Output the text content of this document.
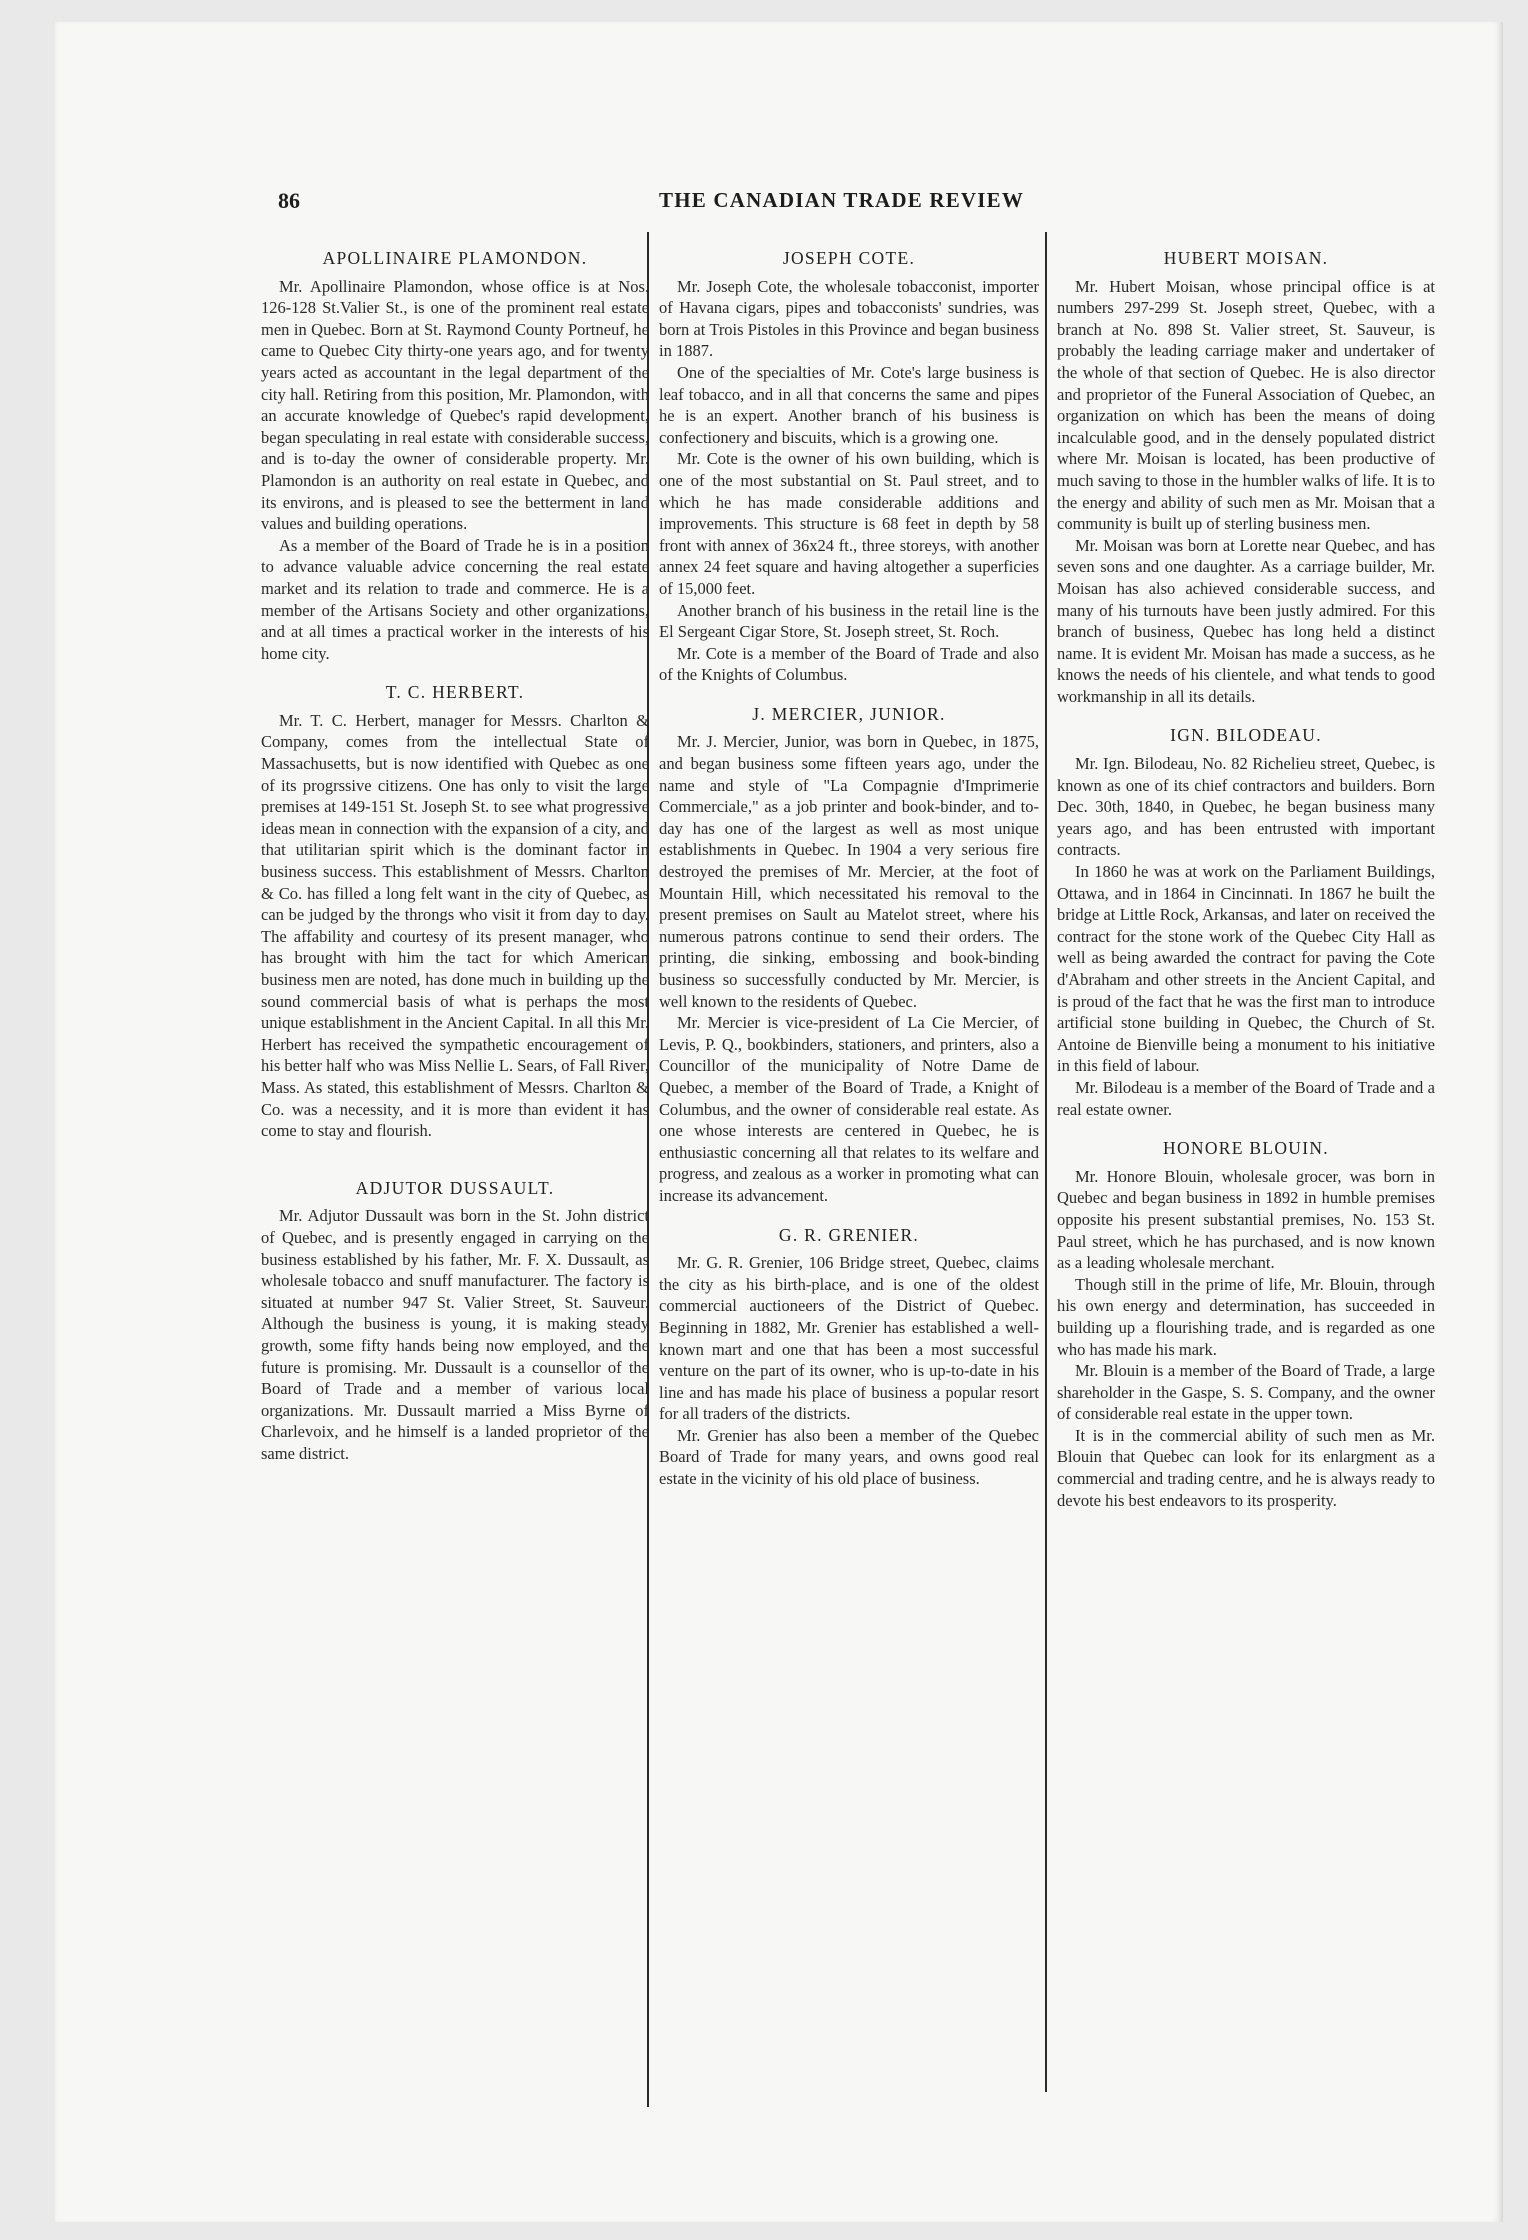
86	THE CANADIAN TRADE REVIEW

APOLLINAIRE PLAMONDON.

Mr. Apollinaire Plamondon, whose office is at Nos. 126-128 St.Valier St., is one of the prominent real estate men in Quebec. Born at St. Raymond County Portneuf, he came to Quebec City thirty-one years ago, and for twenty years acted as accountant in the legal department of the city hall. Retiring from this position, Mr. Plamondon, with an accurate knowledge of Quebec's rapid development, began speculating in real estate with considerable success, and is to-day the owner of considerable property. Mr. Plamondon is an authority on real estate in Quebec, and its environs, and is pleased to see the betterment in land values and building operations.

As a member of the Board of Trade he is in a position to advance valuable advice concerning the real estate market and its relation to trade and commerce. He is a member of the Artisans Society and other organizations, and at all times a practical worker in the interests of his home city.

T. C. HERBERT.

Mr. T. C. Herbert, manager for Messrs. Charlton & Company, comes from the intellectual State of Massachusetts, but is now identified with Quebec as one of its progrssive citizens. One has only to visit the large premises at 149-151 St. Joseph St. to see what progressive ideas mean in connection with the expansion of a city, and that utilitarian spirit which is the dominant factor in business success. This establishment of Messrs. Charlton & Co. has filled a long felt want in the city of Quebec, as can be judged by the throngs who visit it from day to day. The affability and courtesy of its present manager, who has brought with him the tact for which American business men are noted, has done much in building up the sound commercial basis of what is perhaps the most unique establishment in the Ancient Capital. In all this Mr. Herbert has received the sympathetic encouragement of his better half who was Miss Nellie L. Sears, of Fall River, Mass. As stated, this establishment of Messrs. Charlton & Co. was a necessity, and it is more than evident it has come to stay and flourish.

ADJUTOR DUSSAULT.

Mr. Adjutor Dussault was born in the St. John district of Quebec, and is presently engaged in carrying on the business established by his father, Mr. F. X. Dussault, as wholesale tobacco and snuff manufacturer. The factory is situated at number 947 St. Valier Street, St. Sauveur. Although the business is young, it is making steady growth, some fifty hands being now employed, and the future is promising. Mr. Dussault is a counsellor of the Board of Trade and a member of various local organizations. Mr. Dussault married a Miss Byrne of Charlevoix, and he himself is a landed proprietor of the same district.

JOSEPH COTE.

Mr. Joseph Cote, the wholesale tobacconist, importer of Havana cigars, pipes and tobacconists' sundries, was born at Trois Pistoles in this Province and began business in 1887.

One of the specialties of Mr. Cote's large business is leaf tobacco, and in all that concerns the same and pipes he is an expert. Another branch of his business is confectionery and biscuits, which is a growing one.

Mr. Cote is the owner of his own building, which is one of the most substantial on St. Paul street, and to which he has made considerable additions and improvements. This structure is 68 feet in depth by 58 front with annex of 36x24 ft., three storeys, with another annex 24 feet square and having altogether a superficies of 15,000 feet.

Another branch of his business in the retail line is the El Sergeant Cigar Store, St. Joseph street, St. Roch.

Mr. Cote is a member of the Board of Trade and also of the Knights of Columbus.

J. MERCIER, JUNIOR.

Mr. J. Mercier, Junior, was born in Quebec, in 1875, and began business some fifteen years ago, under the name and style of "La Compagnie d'Imprimerie Commerciale," as a job printer and book-binder, and to-day has one of the largest as well as most unique establishments in Quebec. In 1904 a very serious fire destroyed the premises of Mr. Mercier, at the foot of Mountain Hill, which necessitated his removal to the present premises on Sault au Matelot street, where his numerous patrons continue to send their orders. The printing, die sinking, embossing and book-binding business so successfully conducted by Mr. Mercier, is well known to the residents of Quebec.

Mr. Mercier is vice-president of La Cie Mercier, of Levis, P. Q., bookbinders, stationers, and printers, also a Councillor of the municipality of Notre Dame de Quebec, a member of the Board of Trade, a Knight of Columbus, and the owner of considerable real estate. As one whose interests are centered in Quebec, he is enthusiastic concerning all that relates to its welfare and progress, and zealous as a worker in promoting what can increase its advancement.

G. R. GRENIER.

Mr. G. R. Grenier, 106 Bridge street, Quebec, claims the city as his birth-place, and is one of the oldest commercial auctioneers of the District of Quebec. Beginning in 1882, Mr. Grenier has established a well-known mart and one that has been a most successful venture on the part of its owner, who is up-to-date in his line and has made his place of business a popular resort for all traders of the districts.

Mr. Grenier has also been a member of the Quebec Board of Trade for many years, and owns good real estate in the vicinity of his old place of business.

HUBERT MOISAN.

Mr. Hubert Moisan, whose principal office is at numbers 297-299 St. Joseph street, Quebec, with a branch at No. 898 St. Valier street, St. Sauveur, is probably the leading carriage maker and undertaker of the whole of that section of Quebec. He is also director and proprietor of the Funeral Association of Quebec, an organization on which has been the means of doing incalculable good, and in the densely populated district where Mr. Moisan is located, has been productive of much saving to those in the humbler walks of life. It is to the energy and ability of such men as Mr. Moisan that a community is built up of sterling business men.

Mr. Moisan was born at Lorette near Quebec, and has seven sons and one daughter. As a carriage builder, Mr. Moisan has also achieved considerable success, and many of his turnouts have been justly admired. For this branch of business, Quebec has long held a distinct name. It is evident Mr. Moisan has made a success, as he knows the needs of his clientele, and what tends to good workmanship in all its details.

IGN. BILODEAU.

Mr. Ign. Bilodeau, No. 82 Richelieu street, Quebec, is known as one of its chief contractors and builders. Born Dec. 30th, 1840, in Quebec, he began business many years ago, and has been entrusted with important contracts.

In 1860 he was at work on the Parliament Buildings, Ottawa, and in 1864 in Cincinnati. In 1867 he built the bridge at Little Rock, Arkansas, and later on received the contract for the stone work of the Quebec City Hall as well as being awarded the contract for paving the Cote d'Abraham and other streets in the Ancient Capital, and is proud of the fact that he was the first man to introduce artificial stone building in Quebec, the Church of St. Antoine de Bienville being a monument to his initiative in this field of labour.

Mr. Bilodeau is a member of the Board of Trade and a real estate owner.

HONORE BLOUIN.

Mr. Honore Blouin, wholesale grocer, was born in Quebec and began business in 1892 in humble premises opposite his present substantial premises, No. 153 St. Paul street, which he has purchased, and is now known as a leading wholesale merchant.

Though still in the prime of life, Mr. Blouin, through his own energy and determination, has succeeded in building up a flourishing trade, and is regarded as one who has made his mark.

Mr. Blouin is a member of the Board of Trade, a large shareholder in the Gaspe, S. S. Company, and the owner of considerable real estate in the upper town.

It is in the commercial ability of such men as Mr. Blouin that Quebec can look for its enlargment as a commercial and trading centre, and he is always ready to devote his best endeavors to its prosperity.
